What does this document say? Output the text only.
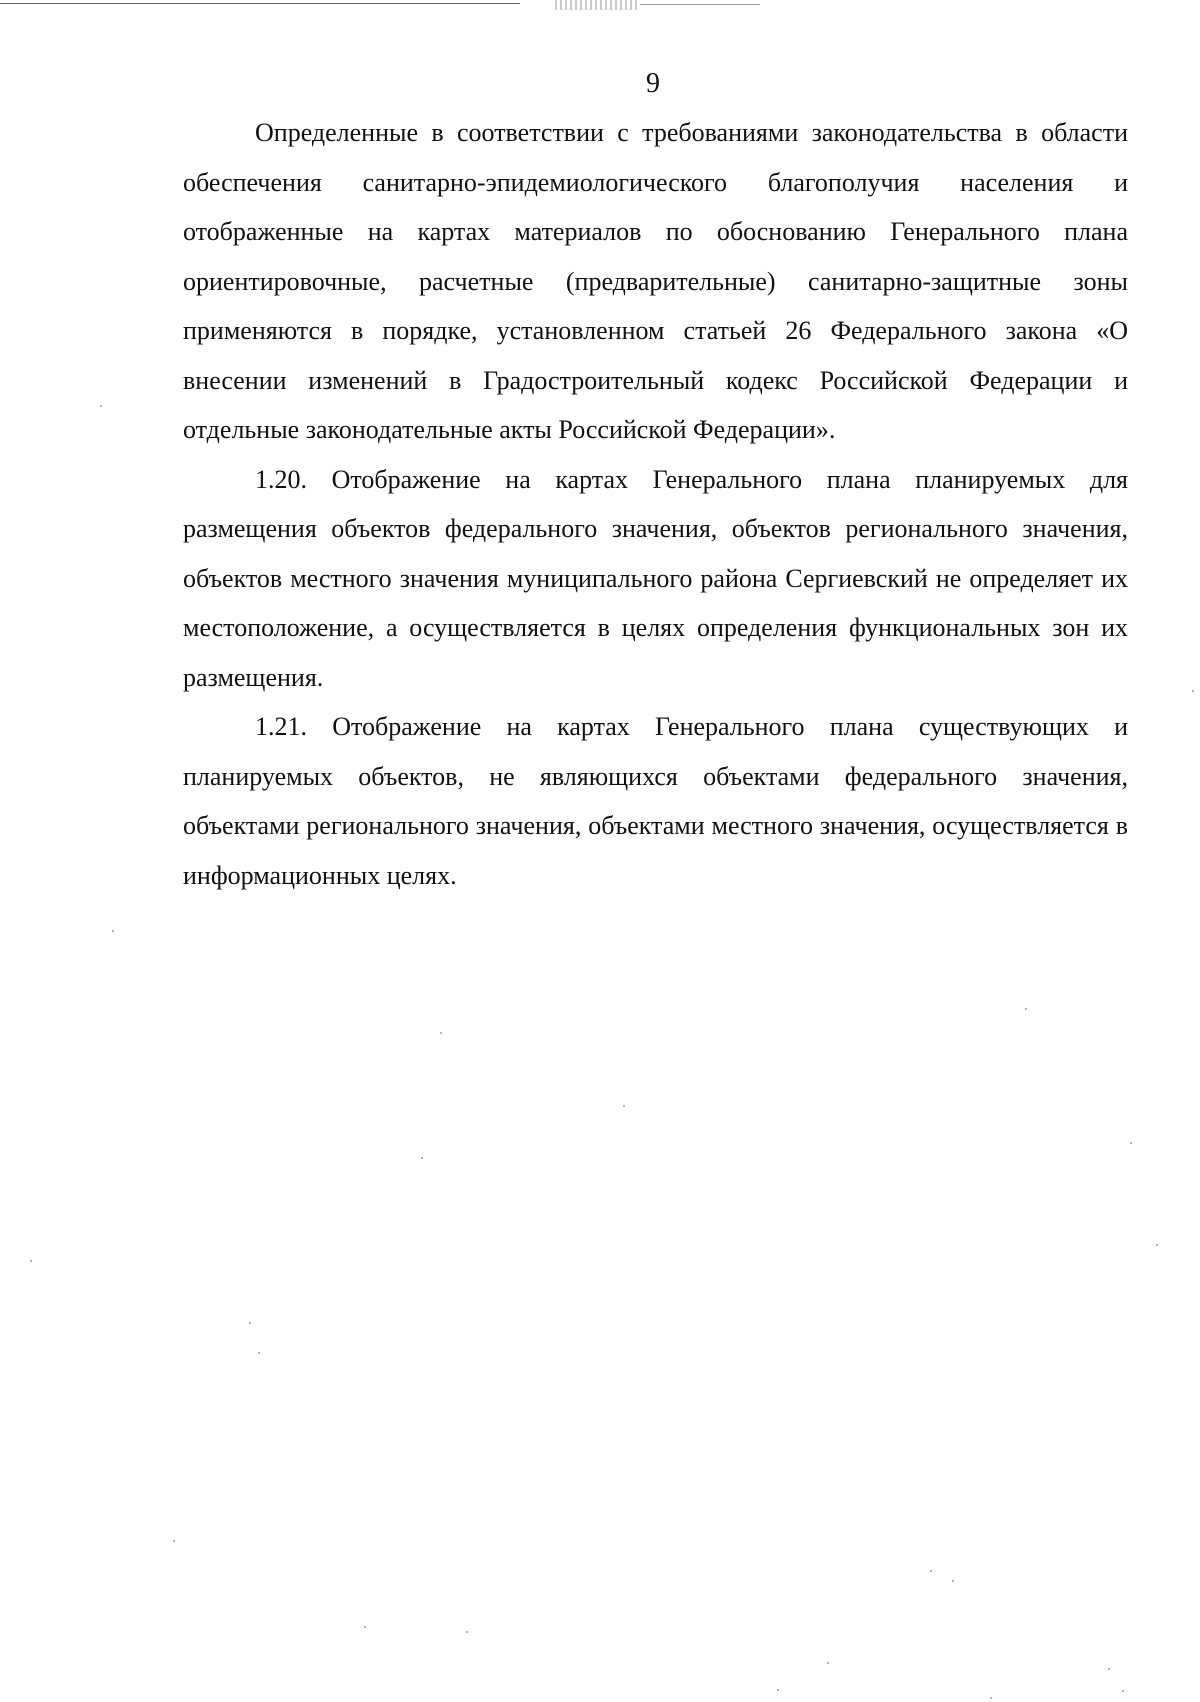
9

Определенные в соответствии с требованиями законодательства в области обеспечения санитарно-эпидемиологического благополучия населения и отображенные на картах материалов по обоснованию Генерального плана ориентировочные, расчетные (предварительные) санитарно-защитные зоны применяются в порядке, установленном статьей 26 Федерального закона «О внесении изменений в Градостроительный кодекс Российской Федерации и отдельные законодательные акты Российской Федерации».

1.20. Отображение на картах Генерального плана планируемых для размещения объектов федерального значения, объектов регионального значения, объектов местного значения муниципального района Сергиевский не определяет их местоположение, а осуществляется в целях определения функциональных зон их размещения.

1.21. Отображение на картах Генерального плана существующих и планируемых объектов, не являющихся объектами федерального значения, объектами регионального значения, объектами местного значения, осуществляется в информационных целях.
